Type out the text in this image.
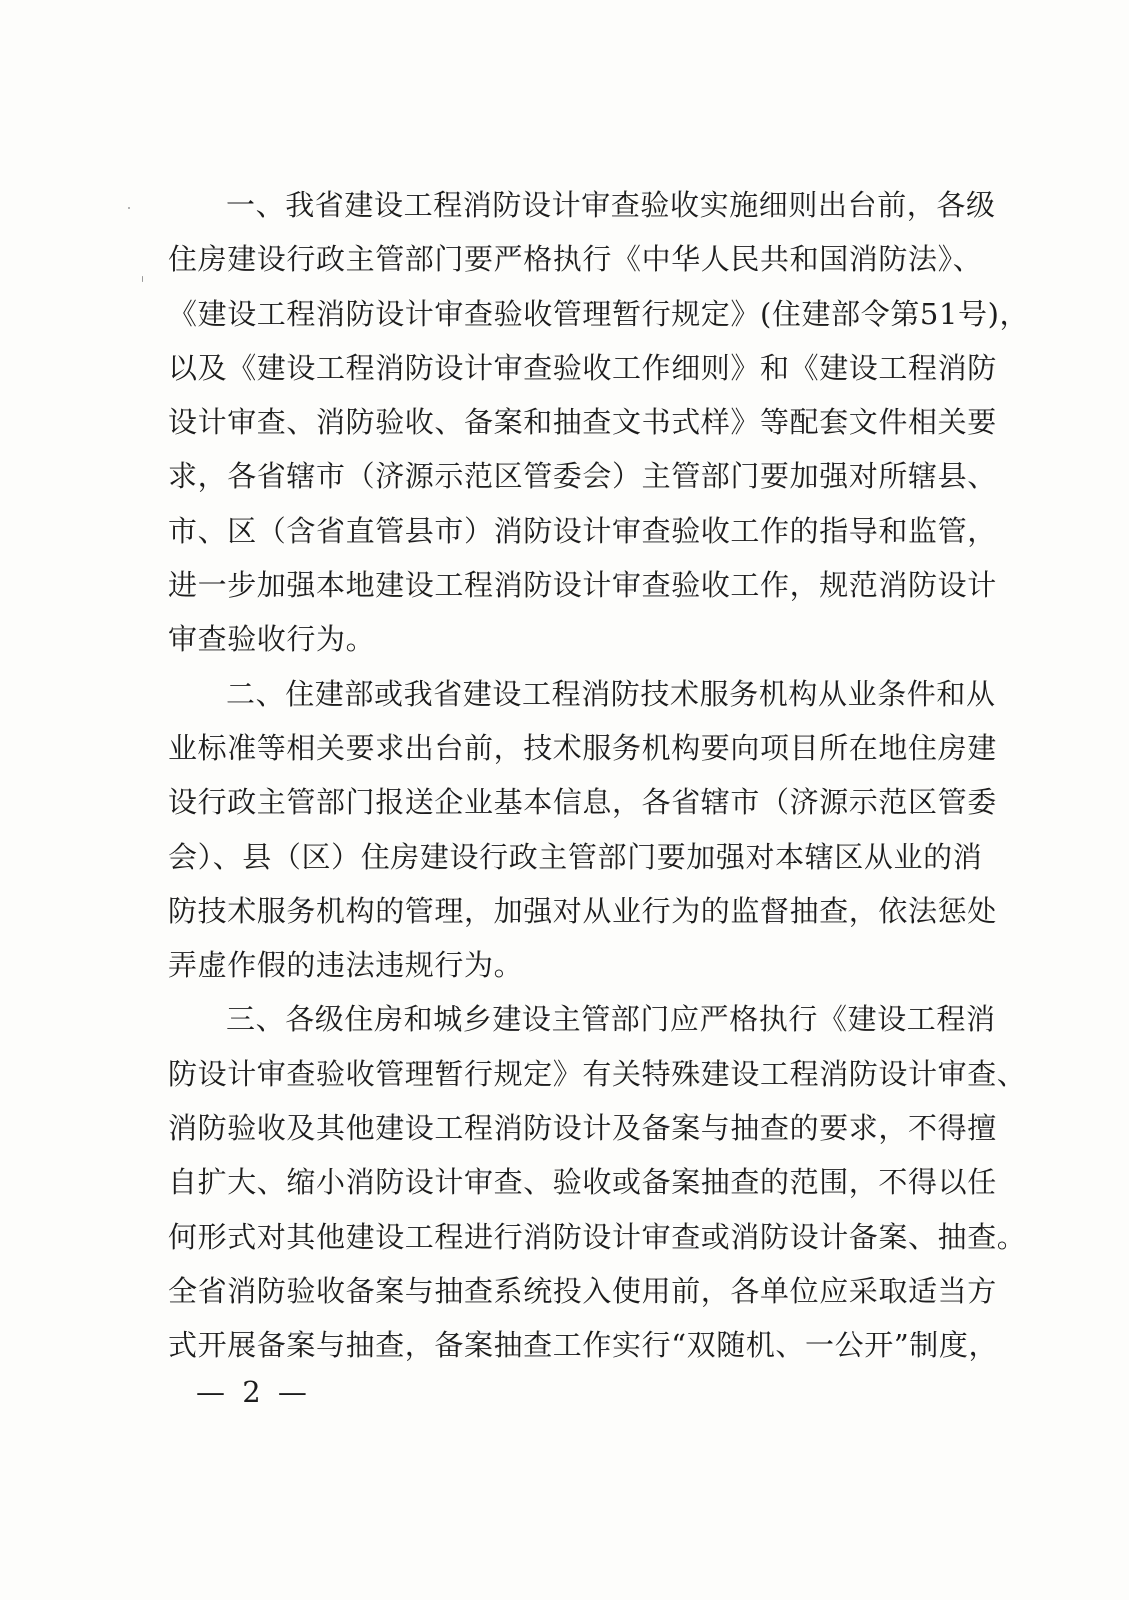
一、我省建设工程消防设计审查验收实施细则出台前，各级
住房建设行政主管部门要严格执行《中华人民共和国消防法》、
《建设工程消防设计审查验收管理暂行规定》(住建部令第51号)，
以及《建设工程消防设计审查验收工作细则》和《建设工程消防
设计审查、消防验收、备案和抽查文书式样》等配套文件相关要
求，各省辖市（济源示范区管委会）主管部门要加强对所辖县、
市、区（含省直管县市）消防设计审查验收工作的指导和监管，
进一步加强本地建设工程消防设计审查验收工作，规范消防设计
审查验收行为。

二、住建部或我省建设工程消防技术服务机构从业条件和从
业标准等相关要求出台前，技术服务机构要向项目所在地住房建
设行政主管部门报送企业基本信息，各省辖市（济源示范区管委
会）、县（区）住房建设行政主管部门要加强对本辖区从业的消
防技术服务机构的管理，加强对从业行为的监督抽查，依法惩处
弄虚作假的违法违规行为。

三、各级住房和城乡建设主管部门应严格执行《建设工程消
防设计审查验收管理暂行规定》有关特殊建设工程消防设计审查、
消防验收及其他建设工程消防设计及备案与抽查的要求，不得擅
自扩大、缩小消防设计审查、验收或备案抽查的范围，不得以任
何形式对其他建设工程进行消防设计审查或消防设计备案、抽查。
全省消防验收备案与抽查系统投入使用前，各单位应采取适当方
式开展备案与抽查，备案抽查工作实行“双随机、一公开”制度，

— 2 —
